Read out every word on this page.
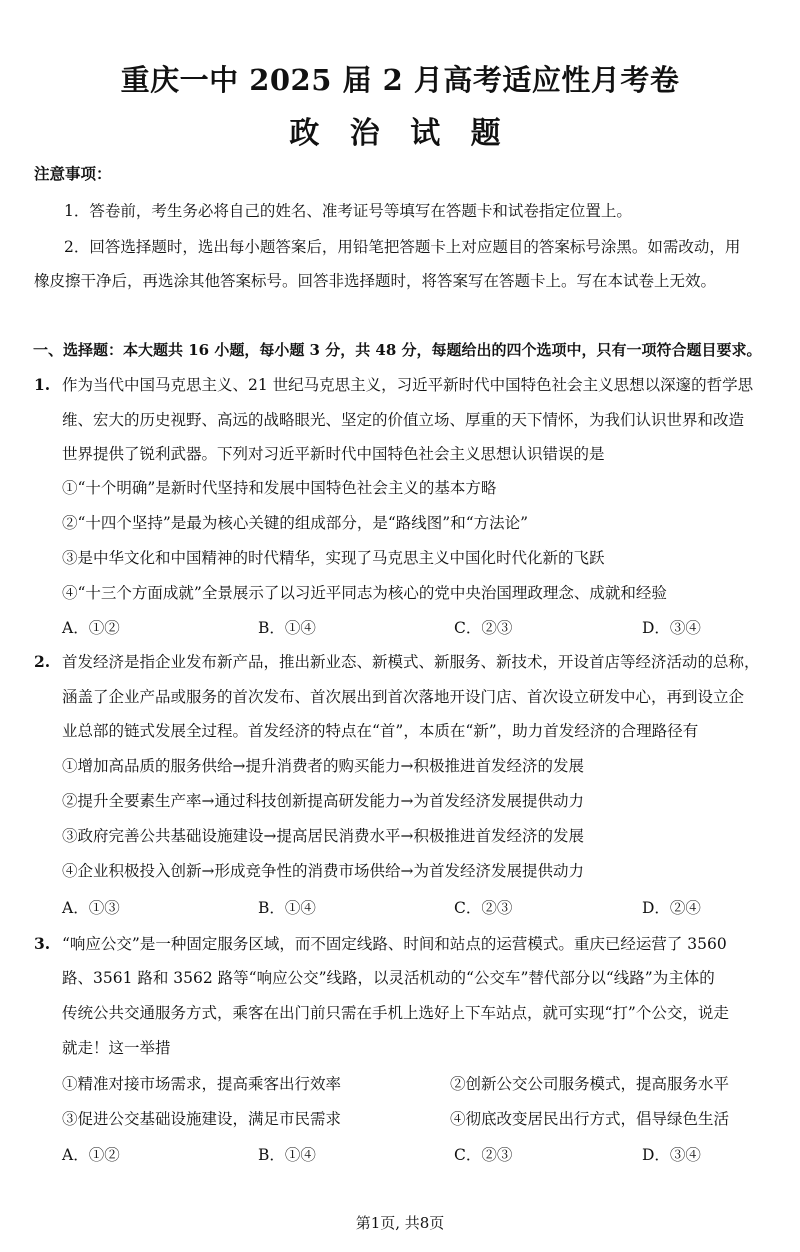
重庆一中 2025 届 2 月高考适应性月考卷
政 治 试 题
注意事项：
1．答卷前，考生务必将自己的姓名、准考证号等填写在答题卡和试卷指定位置上。
2．回答选择题时，选出每小题答案后，用铅笔把答题卡上对应题目的答案标号涂黑。如需改动，用
橡皮擦干净后，再选涂其他答案标号。回答非选择题时，将答案写在答题卡上。写在本试卷上无效。
一、选择题：本大题共 16 小题，每小题 3 分，共 48 分，每题给出的四个选项中，只有一项符合题目要求。
1. 作为当代中国马克思主义、21 世纪马克思主义，习近平新时代中国特色社会主义思想以深邃的哲学思
维、宏大的历史视野、高远的战略眼光、坚定的价值立场、厚重的天下情怀，为我们认识世界和改造
世界提供了锐利武器。下列对习近平新时代中国特色社会主义思想认识错误的是
①“十个明确”是新时代坚持和发展中国特色社会主义的基本方略
②“十四个坚持”是最为核心关键的组成部分，是“路线图”和“方法论”
③是中华文化和中国精神的时代精华，实现了马克思主义中国化时代化新的飞跃
④“十三个方面成就”全景展示了以习近平同志为核心的党中央治国理政理念、成就和经验
A．①②	B．①④	C．②③	D．③④
2. 首发经济是指企业发布新产品，推出新业态、新模式、新服务、新技术，开设首店等经济活动的总称，
涵盖了企业产品或服务的首次发布、首次展出到首次落地开设门店、首次设立研发中心，再到设立企
业总部的链式发展全过程。首发经济的特点在“首”，本质在“新”，助力首发经济的合理路径有
①增加高品质的服务供给→提升消费者的购买能力→积极推进首发经济的发展
②提升全要素生产率→通过科技创新提高研发能力→为首发经济发展提供动力
③政府完善公共基础设施建设→提高居民消费水平→积极推进首发经济的发展
④企业积极投入创新→形成竞争性的消费市场供给→为首发经济发展提供动力
A．①③	B．①④	C．②③	D．②④
3. “响应公交”是一种固定服务区域，而不固定线路、时间和站点的运营模式。重庆已经运营了 3560
路、3561 路和 3562 路等“响应公交”线路，以灵活机动的“公交车”替代部分以“线路”为主体的
传统公共交通服务方式，乘客在出门前只需在手机上选好上下车站点，就可实现“打”个公交，说走
就走！这一举措
①精准对接市场需求，提高乘客出行效率	②创新公交公司服务模式，提高服务水平
③促进公交基础设施建设，满足市民需求	④彻底改变居民出行方式，倡导绿色生活
A．①②	B．①④	C．②③	D．③④
第1页, 共8页
